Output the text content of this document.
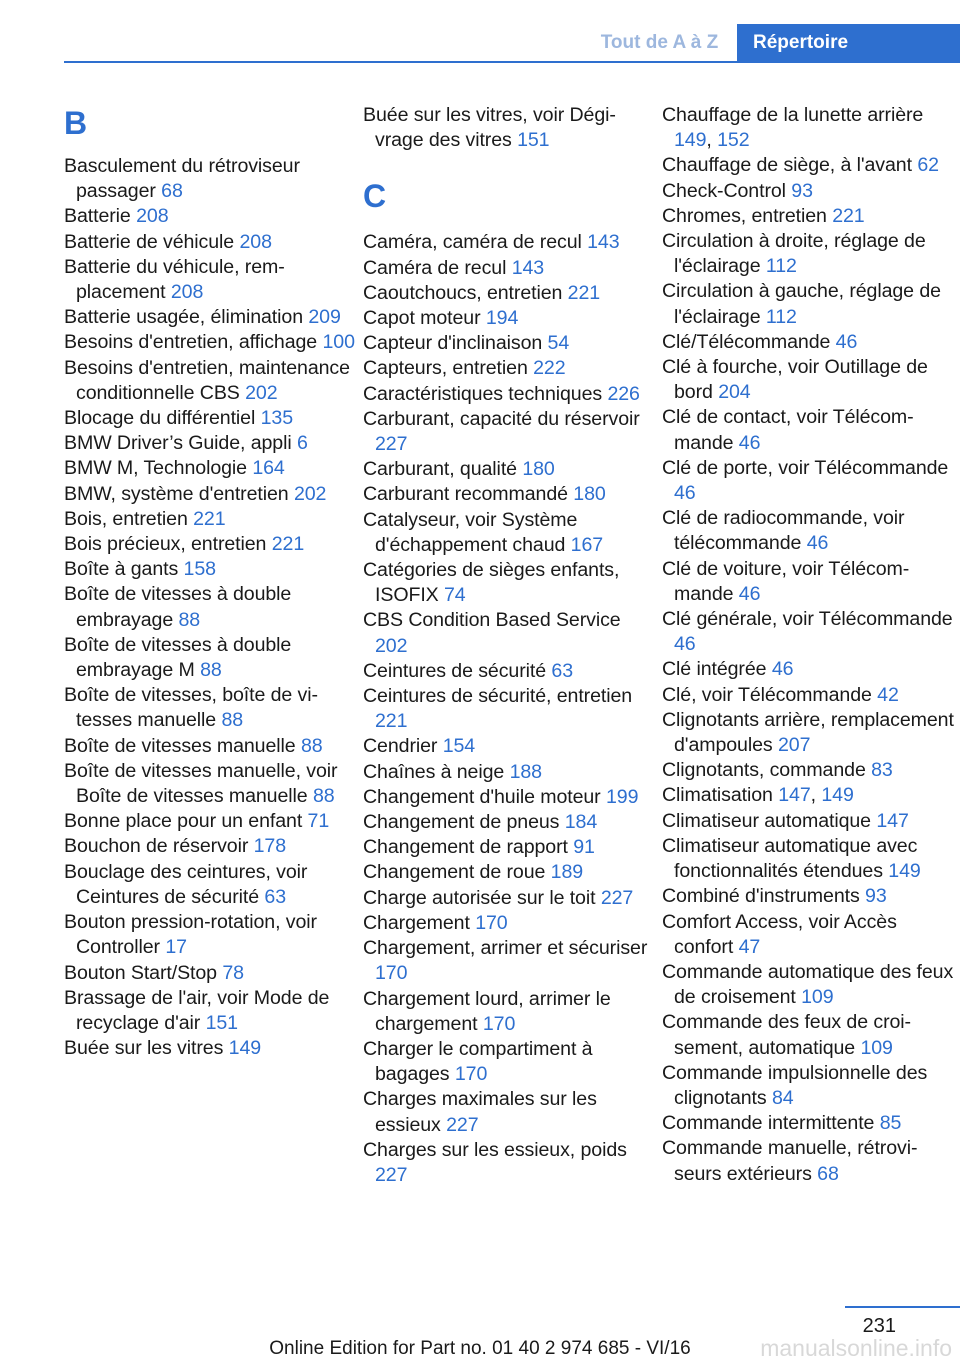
Tout de A à Z	Répertoire
B
Basculement du rétroviseur passager 68
Batterie 208
Batterie de véhicule 208
Batterie du véhicule, remplacement 208
Batterie usagée, élimination 209
Besoins d'entretien, affichage 100
Besoins d'entretien, maintenance conditionnelle CBS 202
Blocage du différentiel 135
BMW Driver’s Guide, appli 6
BMW M, Technologie 164
BMW, système d'entretien 202
Bois, entretien 221
Bois précieux, entretien 221
Boîte à gants 158
Boîte de vitesses à double embrayage 88
Boîte de vitesses à double embrayage M 88
Boîte de vitesses, boîte de vitesses manuelle 88
Boîte de vitesses manuelle 88
Boîte de vitesses manuelle, voir Boîte de vitesses manuelle 88
Bonne place pour un enfant 71
Bouchon de réservoir 178
Bouclage des ceintures, voir Ceintures de sécurité 63
Bouton pression-rotation, voir Controller 17
Bouton Start/Stop 78
Brassage de l'air, voir Mode de recyclage d'air 151
Buée sur les vitres 149
Buée sur les vitres, voir Dégivrage des vitres 151
C
Caméra, caméra de recul 143
Caméra de recul 143
Caoutchoucs, entretien 221
Capot moteur 194
Capteur d'inclinaison 54
Capteurs, entretien 222
Caractéristiques techniques 226
Carburant, capacité du réservoir 227
Carburant, qualité 180
Carburant recommandé 180
Catalyseur, voir Système d'échappement chaud 167
Catégories de sièges enfants, ISOFIX 74
CBS Condition Based Service 202
Ceintures de sécurité 63
Ceintures de sécurité, entretien 221
Cendrier 154
Chaînes à neige 188
Changement d'huile moteur 199
Changement de pneus 184
Changement de rapport 91
Changement de roue 189
Charge autorisée sur le toit 227
Chargement 170
Chargement, arrimer et sécuriser 170
Chargement lourd, arrimer le chargement 170
Charger le compartiment à bagages 170
Charges maximales sur les essieux 227
Charges sur les essieux, poids 227
Chauffage de la lunette arrière 149, 152
Chauffage de siège, à l'avant 62
Check-Control 93
Chromes, entretien 221
Circulation à droite, réglage de l'éclairage 112
Circulation à gauche, réglage de l'éclairage 112
Clé/Télécommande 46
Clé à fourche, voir Outillage de bord 204
Clé de contact, voir Télécommande 46
Clé de porte, voir Télécommande 46
Clé de radiocommande, voir télécommande 46
Clé de voiture, voir Télécommande 46
Clé générale, voir Télécommande 46
Clé intégrée 46
Clé, voir Télécommande 42
Clignotants arrière, remplacement d'ampoules 207
Clignotants, commande 83
Climatisation 147, 149
Climatiseur automatique 147
Climatiseur automatique avec fonctionnalités étendues 149
Combiné d'instruments 93
Comfort Access, voir Accès confort 47
Commande automatique des feux de croisement 109
Commande des feux de croisement, automatique 109
Commande impulsionnelle des clignotants 84
Commande intermittente 85
Commande manuelle, rétroviseurs extérieurs 68
231
Online Edition for Part no. 01 40 2 974 685 - VI/16	manualsonline.info
